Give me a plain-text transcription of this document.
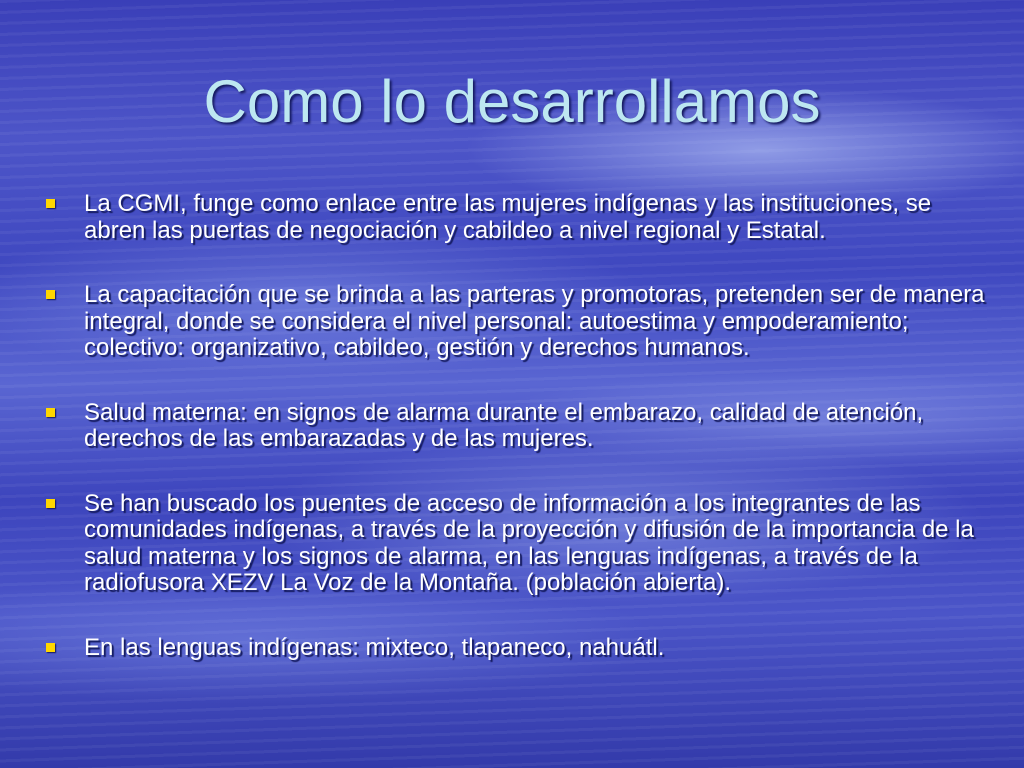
Como lo desarrollamos
La CGMI, funge como enlace entre las mujeres indígenas y las instituciones, se abren las puertas de negociación y cabildeo a nivel regional y Estatal.
La capacitación que se brinda a las parteras y promotoras, pretenden ser de manera integral, donde se considera el nivel personal: autoestima y empoderamiento; colectivo: organizativo, cabildeo, gestión y derechos humanos.
Salud materna: en signos de alarma durante el embarazo, calidad de atención, derechos de las embarazadas y de las mujeres.
Se han buscado los puentes de acceso de información a los integrantes de las comunidades indígenas, a través de la proyección y difusión de la importancia de la salud materna y los signos de alarma, en las lenguas indígenas, a través de la radiofusora XEZV La Voz de la Montaña. (población abierta).
En las lenguas indígenas: mixteco, tlapaneco, nahuátl.
